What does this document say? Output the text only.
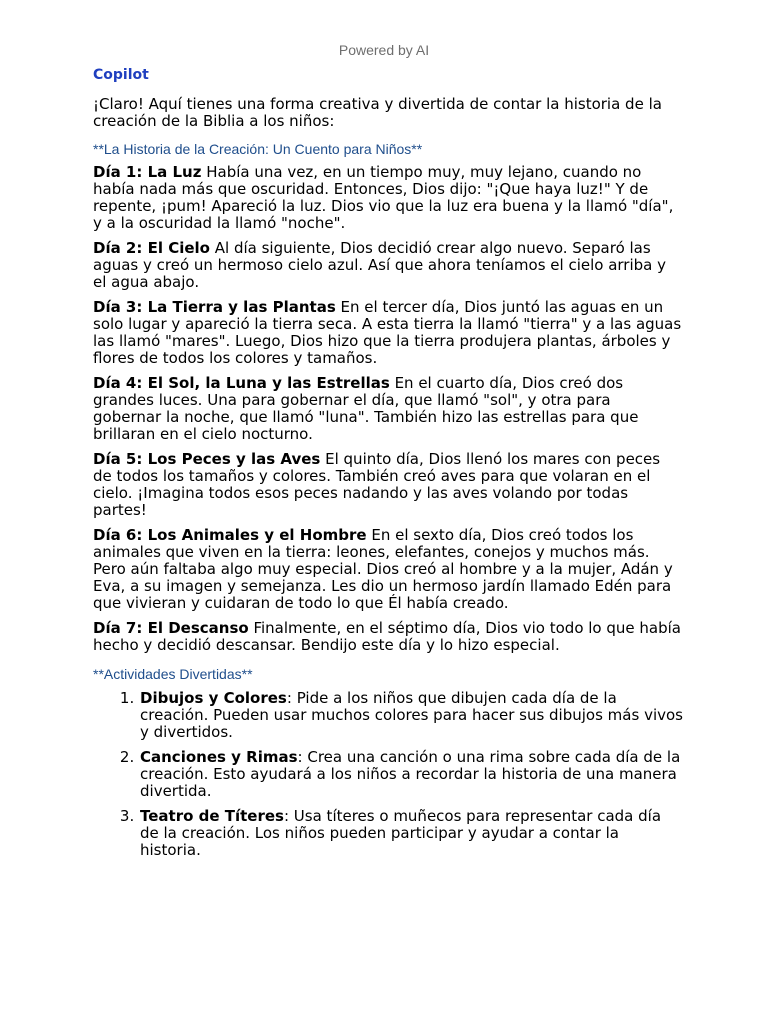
Powered by AI
Copilot
¡Claro! Aquí tienes una forma creativa y divertida de contar la historia de la creación de la Biblia a los niños:
**La Historia de la Creación: Un Cuento para Niños**
Día 1: La Luz Había una vez, en un tiempo muy, muy lejano, cuando no había nada más que oscuridad. Entonces, Dios dijo: "¡Que haya luz!" Y de repente, ¡pum! Apareció la luz. Dios vio que la luz era buena y la llamó "día", y a la oscuridad la llamó "noche".
Día 2: El Cielo Al día siguiente, Dios decidió crear algo nuevo. Separó las aguas y creó un hermoso cielo azul. Así que ahora teníamos el cielo arriba y el agua abajo.
Día 3: La Tierra y las Plantas En el tercer día, Dios juntó las aguas en un solo lugar y apareció la tierra seca. A esta tierra la llamó "tierra" y a las aguas las llamó "mares". Luego, Dios hizo que la tierra produjera plantas, árboles y flores de todos los colores y tamaños.
Día 4: El Sol, la Luna y las Estrellas En el cuarto día, Dios creó dos grandes luces. Una para gobernar el día, que llamó "sol", y otra para gobernar la noche, que llamó "luna". También hizo las estrellas para que brillaran en el cielo nocturno.
Día 5: Los Peces y las Aves El quinto día, Dios llenó los mares con peces de todos los tamaños y colores. También creó aves para que volaran en el cielo. ¡Imagina todos esos peces nadando y las aves volando por todas partes!
Día 6: Los Animales y el Hombre En el sexto día, Dios creó todos los animales que viven en la tierra: leones, elefantes, conejos y muchos más. Pero aún faltaba algo muy especial. Dios creó al hombre y a la mujer, Adán y Eva, a su imagen y semejanza. Les dio un hermoso jardín llamado Edén para que vivieran y cuidaran de todo lo que Él había creado.
Día 7: El Descanso Finalmente, en el séptimo día, Dios vio todo lo que había hecho y decidió descansar. Bendijo este día y lo hizo especial.
**Actividades Divertidas**
1. Dibujos y Colores: Pide a los niños que dibujen cada día de la creación. Pueden usar muchos colores para hacer sus dibujos más vivos y divertidos.
2. Canciones y Rimas: Crea una canción o una rima sobre cada día de la creación. Esto ayudará a los niños a recordar la historia de una manera divertida.
3. Teatro de Títeres: Usa títeres o muñecos para representar cada día de la creación. Los niños pueden participar y ayudar a contar la historia.
